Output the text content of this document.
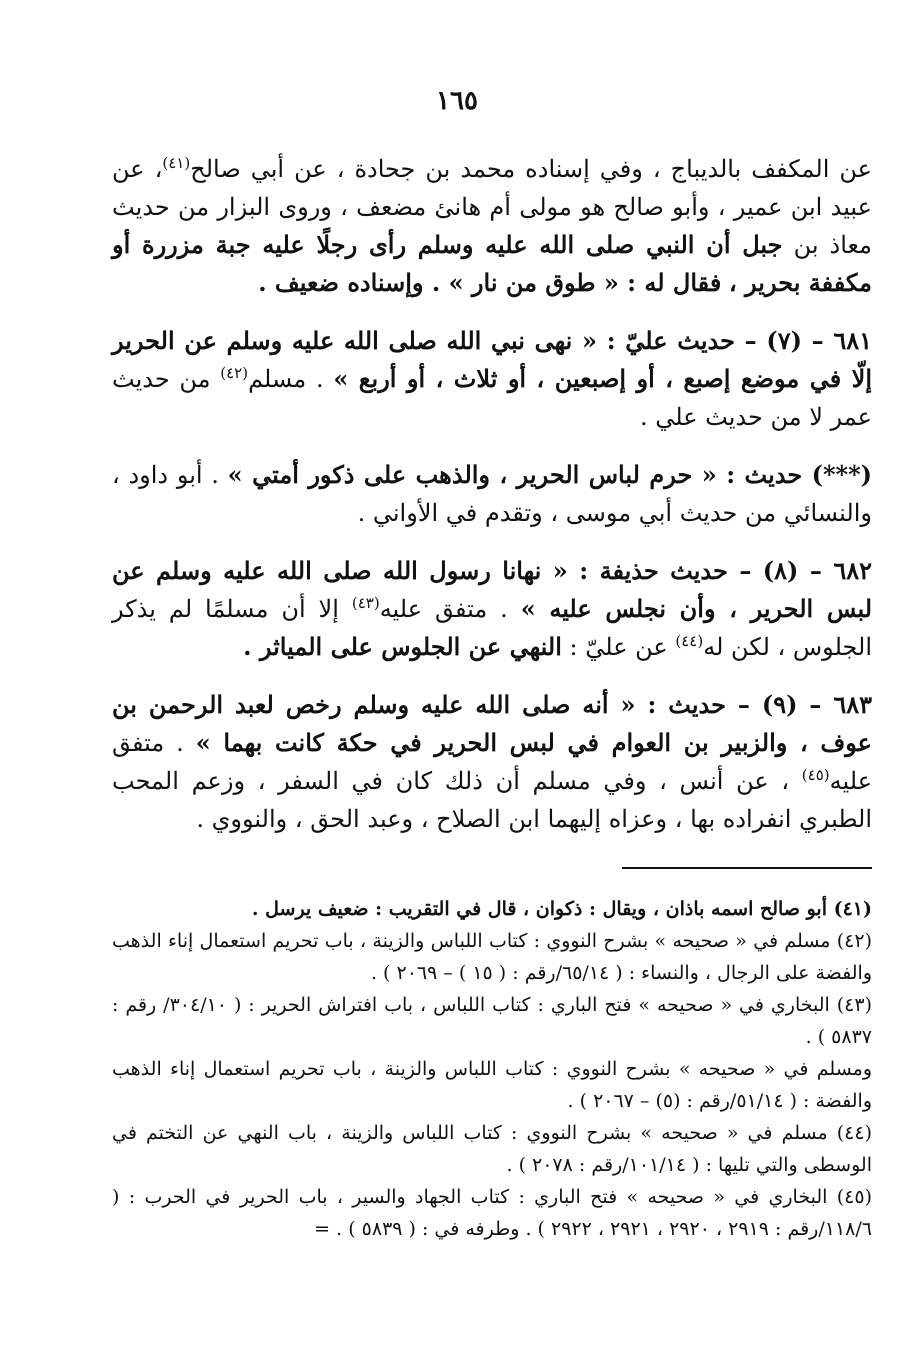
١٦٥

عن المكفف بالديباج ، وفي إسناده محمد بن جحادة ، عن أبي صالح$^{(٤١)}$، عن عبيد ابن عمير ، وأبو صالح هو مولى أم هانئ مضعف ، وروى البزار من حديث معاذ بن جبل أن النبي صلى الله عليه وسلم رأى رجلًا عليه جبة مزررة أو مكففة بحرير ، فقال له : « طوق من نار » . وإسناده ضعيف .

٦٨١ – (٧) – حديث عليّ : « نهى نبي الله صلى الله عليه وسلم عن الحرير إلّا في موضع إصبع ، أو إصبعين ، أو ثلاث ، أو أربع » . مسلم$^{(٤٢)}$ من حديث عمر لا من حديث علي .

(***) حديث : « حرم لباس الحرير ، والذهب على ذكور أمتي » . أبو داود ، والنسائي من حديث أبي موسى ، وتقدم في الأواني .

٦٨٢ – (٨) – حديث حذيفة : « نهانا رسول الله صلى الله عليه وسلم عن لبس الحرير ، وأن نجلس عليه » . متفق عليه$^{(٤٣)}$ إلا أن مسلمًا لم يذكر الجلوس ، لكن له$^{(٤٤)}$ عن عليّ : النهي عن الجلوس على المياثر .

٦٨٣ – (٩) – حديث : « أنه صلى الله عليه وسلم رخص لعبد الرحمن بن عوف ، والزبير بن العوام في لبس الحرير في حكة كانت بهما » . متفق عليه$^{(٤٥)}$ ، عن أنس ، وفي مسلم أن ذلك كان في السفر ، وزعم المحب الطبري انفراده بها ، وعزاه إليهما ابن الصلاح ، وعبد الحق ، والنووي .

(٤١) أبو صالح اسمه باذان ، ويقال : ذكوان ، قال في التقريب : ضعيف يرسل .

(٤٢) مسلم في « صحيحه » بشرح النووي : كتاب اللباس والزينة ، باب تحريم استعمال إناء الذهب والفضة على الرجال ، والنساء : ( ٦٥/١٤/رقم : ( ١٥ ) – ٢٠٦٩ ) .

(٤٣) البخاري في « صحيحه » فتح الباري : كتاب اللباس ، باب افتراش الحرير : ( ٣٠٤/١٠/ رقم : ٥٨٣٧ ) .

ومسلم في « صحيحه » بشرح النووي : كتاب اللباس والزينة ، باب تحريم استعمال إناء الذهب والفضة : ( ٥١/١٤/رقم : (٥) – ٢٠٦٧ ) .

(٤٤) مسلم في « صحيحه » بشرح النووي : كتاب اللباس والزينة ، باب النهي عن التختم في الوسطى والتي تليها : ( ١٠١/١٤/رقم : ٢٠٧٨ ) .

(٤٥) البخاري في « صحيحه » فتح الباري : كتاب الجهاد والسير ، باب الحرير في الحرب : ( ١١٨/٦/رقم : ٢٩١٩ ، ٢٩٢٠ ، ٢٩٢١ ، ٢٩٢٢ ) . وطرفه في : ( ٥٨٣٩ ) . =
